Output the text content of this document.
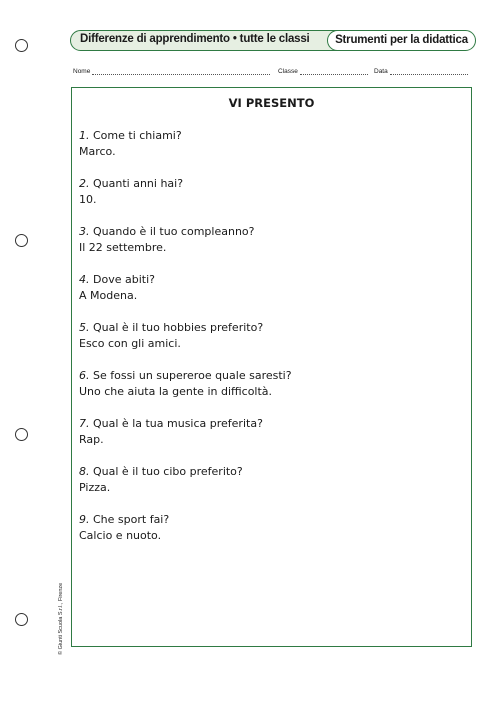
Differenze di apprendimento • tutte le classi	Strumenti per la didattica
Nome	Classe	Data
VI PRESENTO
1. Come ti chiami?
Marco.
2. Quanti anni hai?
10.
3. Quando è il tuo compleanno?
Il 22 settembre.
4. Dove abiti?
A Modena.
5. Qual è il tuo hobbies preferito?
Esco con gli amici.
6. Se fossi un supereroe quale saresti?
Uno che aiuta la gente in difficoltà.
7. Qual è la tua musica preferita?
Rap.
8. Qual è il tuo cibo preferito?
Pizza.
9. Che sport fai?
Calcio e nuoto.
© Giunti Scuola S.r.l., Firenze
